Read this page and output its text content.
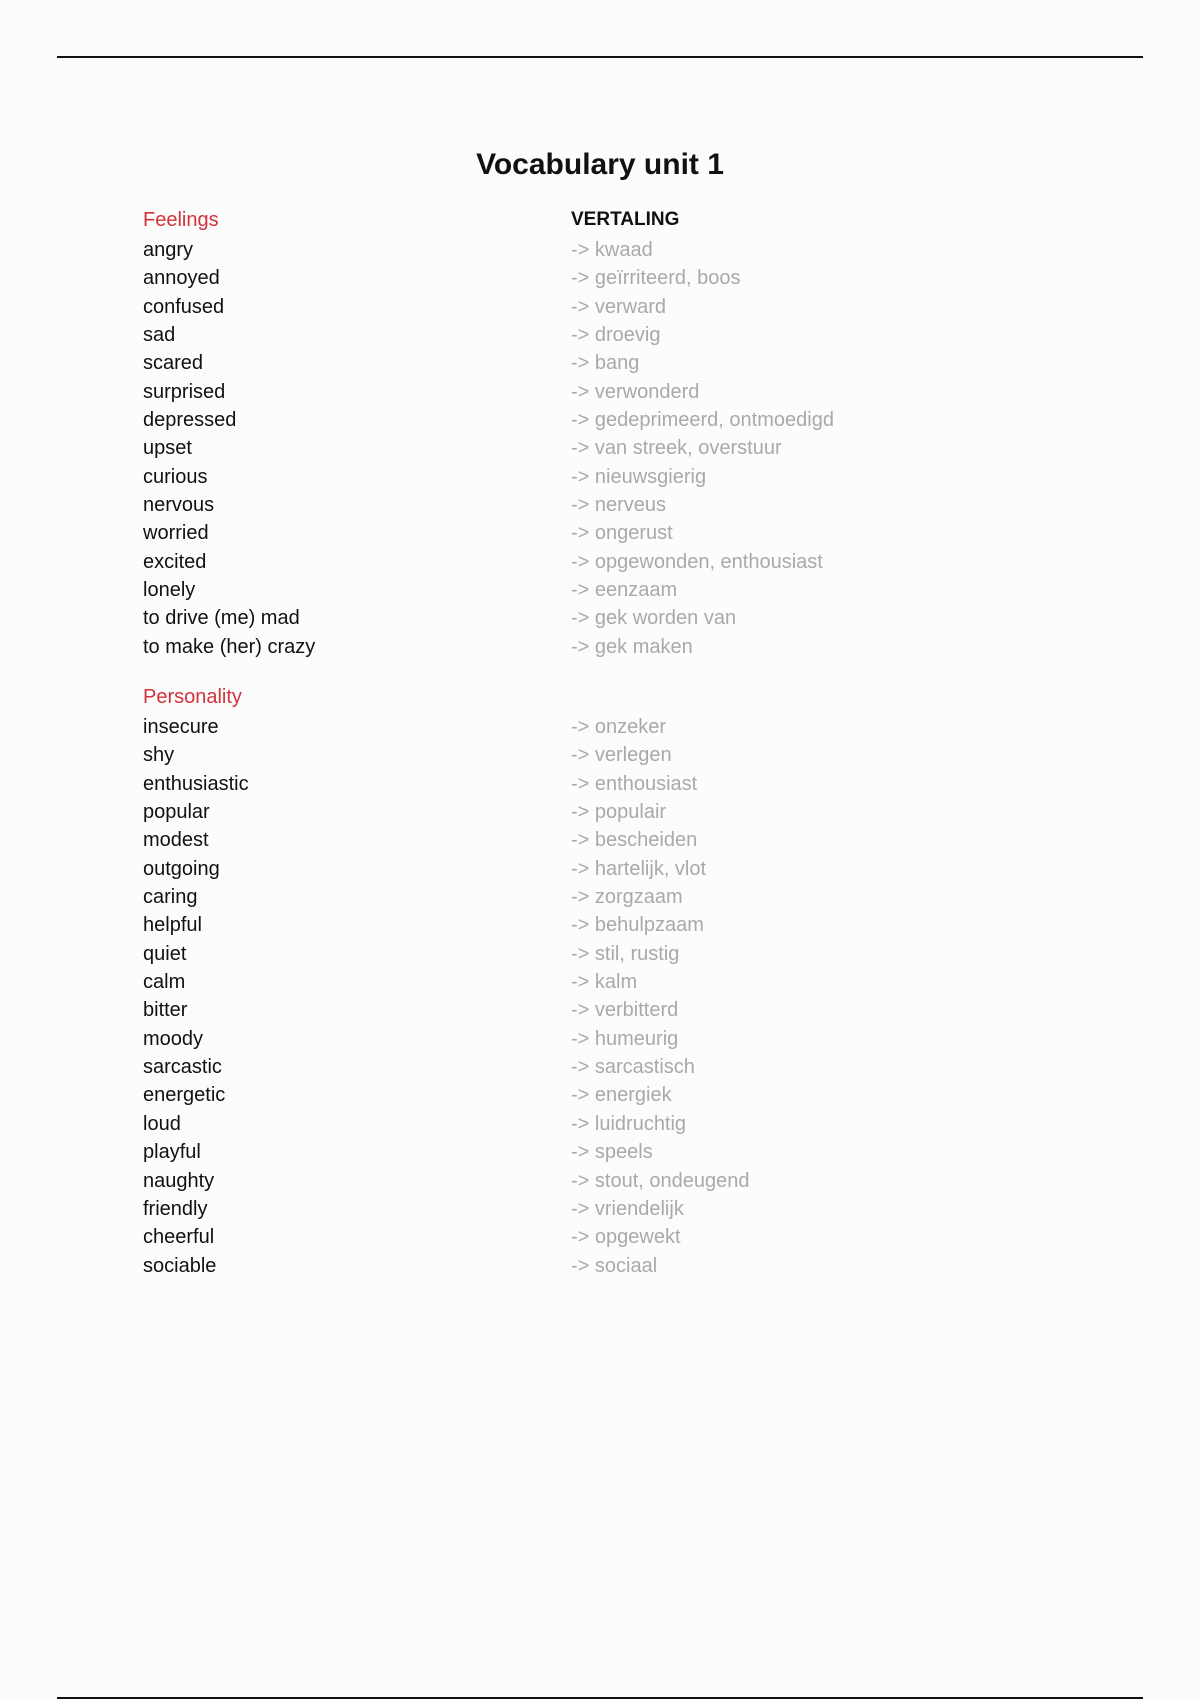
Vocabulary unit 1
Feelings	VERTALING
angry	-> kwaad
annoyed	-> geïrriteerd, boos
confused	-> verward
sad	-> droevig
scared	-> bang
surprised	-> verwonderd
depressed	-> gedeprimeerd, ontmoedigd
upset	-> van streek, overstuur
curious	-> nieuwsgierig
nervous	-> nerveus
worried	-> ongerust
excited	-> opgewonden, enthousiast
lonely	-> eenzaam
to drive (me) mad	-> gek worden van
to make (her) crazy	-> gek maken
Personality
insecure	-> onzeker
shy	-> verlegen
enthusiastic	-> enthousiast
popular	-> populair
modest	-> bescheiden
outgoing	-> hartelijk, vlot
caring	-> zorgzaam
helpful	-> behulpzaam
quiet	-> stil, rustig
calm	-> kalm
bitter	-> verbitterd
moody	-> humeurig
sarcastic	-> sarcastisch
energetic	-> energiek
loud	-> luidruchtig
playful	-> speels
naughty	-> stout, ondeugend
friendly	-> vriendelijk
cheerful	-> opgewekt
sociable	-> sociaal
